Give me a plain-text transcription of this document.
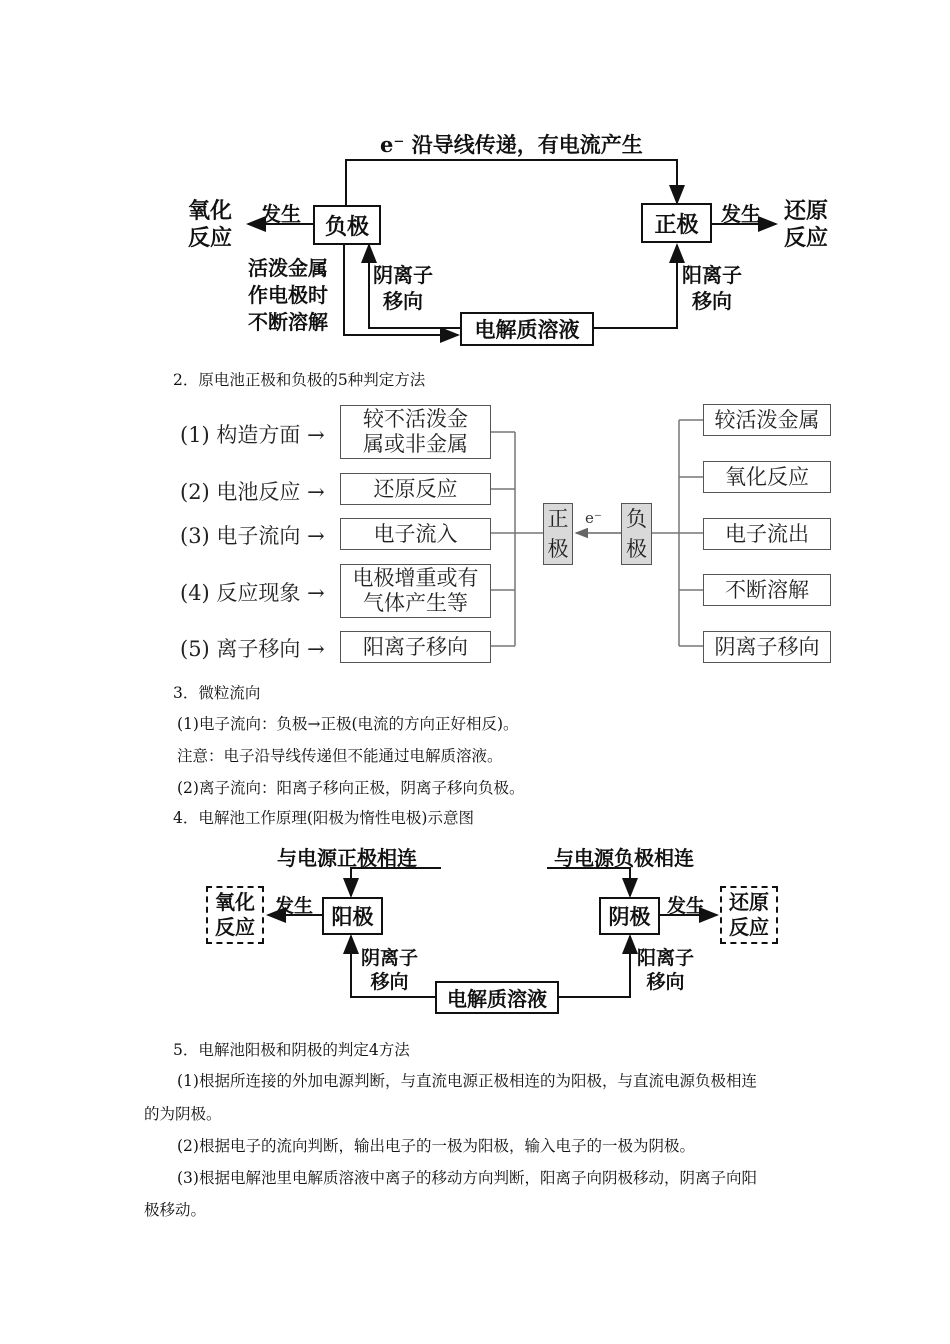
e⁻ 沿导线传递，有电流产生
负极	正极
电解质溶液
氧化
反应
发生	还原
反应
发生
活泼金属
作电极时
不断溶解
阴离子
移向
阳离子
移向
2．原电池正极和负极的5种判定方法
(1) 构造方面 →
(2) 电池反应 →
(3) 电子流向 →
(4) 反应现象 →
(5) 离子移向 →
较不活泼金
属或非金属
还原反应
电子流入
电极增重或有
气体产生等
阳离子移向
正
极
e⁻ 负
极
较活泼金属
氧化反应
电子流出
不断溶解
阴离子移向
3．微粒流向
(1)电子流向：负极→正极(电流的方向正好相反)。
注意：电子沿导线传递但不能通过电解质溶液。
(2)离子流向：阳离子移向正极，阴离子移向负极。
4．电解池工作原理(阳极为惰性电极)示意图
与电源正极相连	与电源负极相连
阳极	阴极
电解质溶液
氧化
反应
发生	还原
反应
发生
阴离子
移向
阳离子
移向
5．电解池阳极和阴极的判定4方法
(1)根据所连接的外加电源判断，与直流电源正极相连的为阳极，与直流电源负极相连
的为阴极。
(2)根据电子的流向判断，输出电子的一极为阳极，输入电子的一极为阴极。
(3)根据电解池里电解质溶液中离子的移动方向判断，阳离子向阴极移动，阴离子向阳
极移动。
